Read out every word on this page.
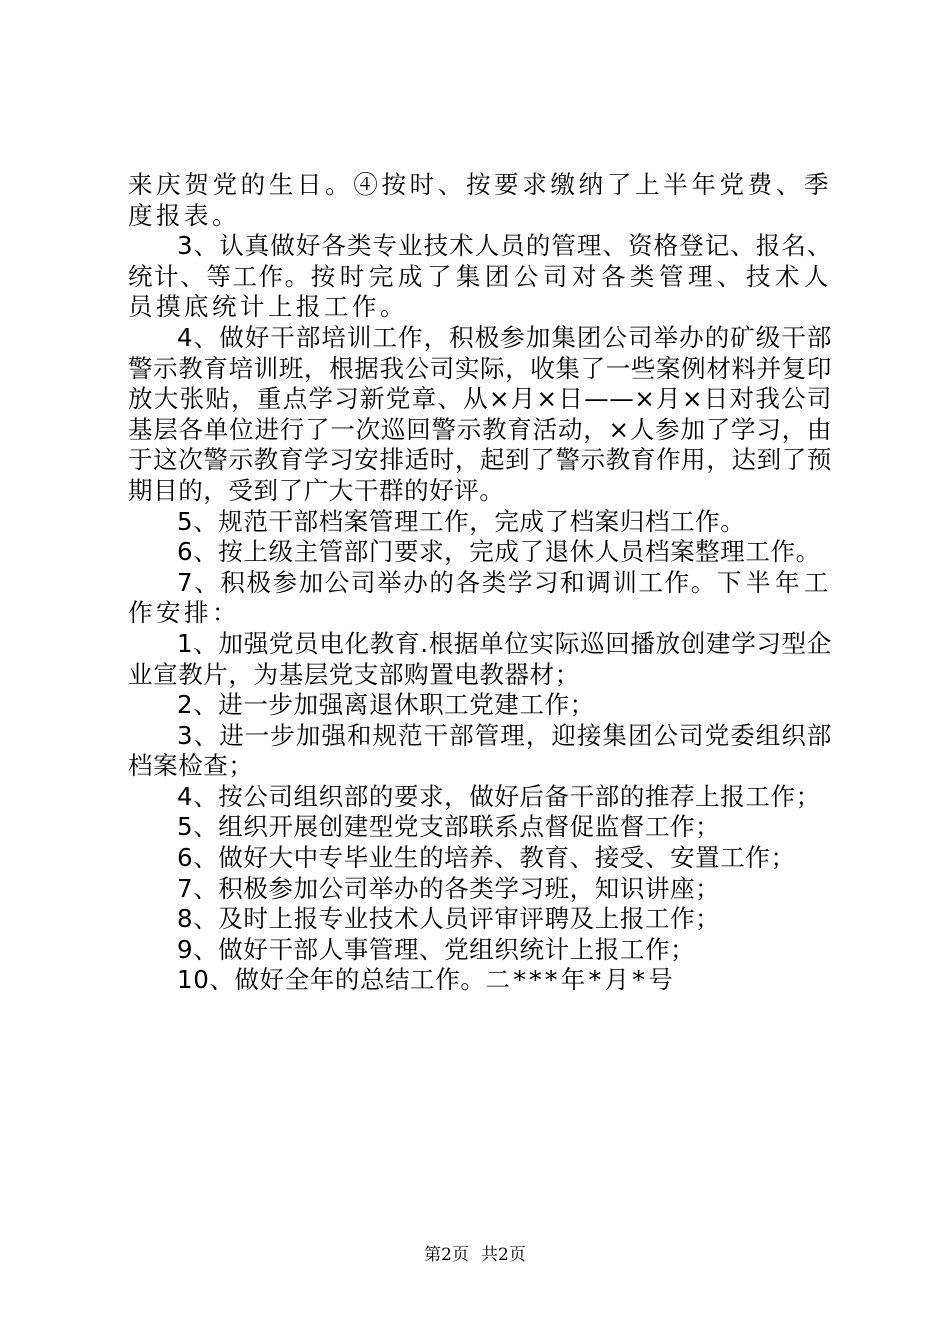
来庆贺党的生日。④按时、按要求缴纳了上半年党费、季度报表。

3、认真做好各类专业技术人员的管理、资格登记、报名、统计、等工作。按时完成了集团公司对各类管理、技术人员摸底统计上报工作。

4、做好干部培训工作，积极参加集团公司举办的矿级干部警示教育培训班，根据我公司实际，收集了一些案例材料并复印放大张贴，重点学习新党章、从×月×日——×月×日对我公司基层各单位进行了一次巡回警示教育活动，×人参加了学习，由于这次警示教育学习安排适时，起到了警示教育作用，达到了预期目的，受到了广大干群的好评。

5、规范干部档案管理工作，完成了档案归档工作。

6、按上级主管部门要求，完成了退休人员档案整理工作。

7、积极参加公司举办的各类学习和调训工作。下半年工作安排：

1、加强党员电化教育.根据单位实际巡回播放创建学习型企业宣教片，为基层党支部购置电教器材；

2、进一步加强离退休职工党建工作；

3、进一步加强和规范干部管理，迎接集团公司党委组织部档案检查；

4、按公司组织部的要求，做好后备干部的推荐上报工作；

5、组织开展创建型党支部联系点督促监督工作；

6、做好大中专毕业生的培养、教育、接受、安置工作；

7、积极参加公司举办的各类学习班，知识讲座；

8、及时上报专业技术人员评审评聘及上报工作；

9、做好干部人事管理、党组织统计上报工作；

10、做好全年的总结工作。二***年*月*号

第2页 共2页
